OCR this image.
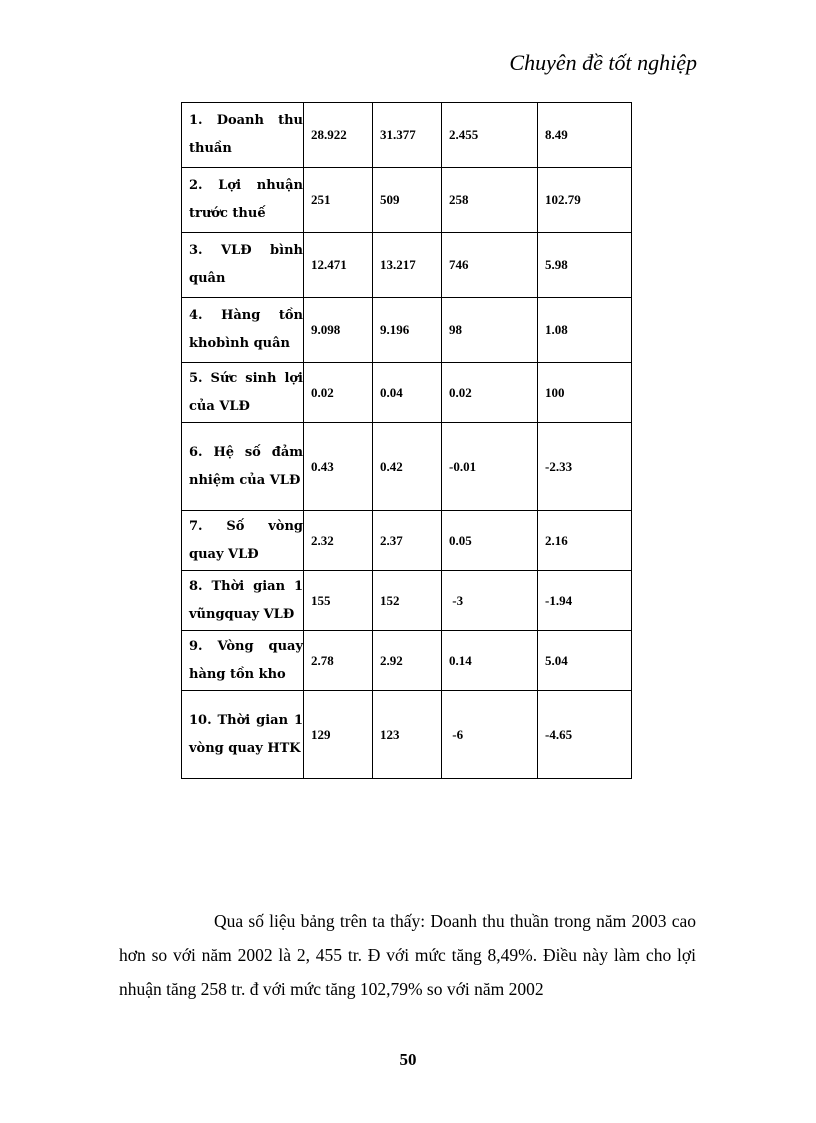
Chuyên đề tốt nghiệp
1. Doanh thu thuần	28.922	31.377	2.455	8.49
2. Lợi nhuận trước thuế	251	509	258	102.79
3. VLĐ bình quân	12.471	13.217	746	5.98
4. Hàng tồn khobình quân	9.098	9.196	98	1.08
5. Sức sinh lợi của VLĐ	0.02	0.04	0.02	100
6. Hệ số đảm nhiệm của VLĐ	0.43	0.42	-0.01	-2.33
7. Số vòng quay VLĐ	2.32	2.37	0.05	2.16
8. Thời gian 1 vũngquay VLĐ	155	152	-3	-1.94
9. Vòng quay hàng tồn kho	2.78	2.92	0.14	5.04
10. Thời gian 1 vòng quay HTK	129	123	-6	-4.65
Qua số liệu bảng trên ta thấy: Doanh thu thuần trong năm 2003 cao hơn so với năm 2002 là 2, 455 tr. Đ với mức tăng 8,49%. Điều này làm cho lợi nhuận tăng 258 tr. đ với mức tăng 102,79% so với năm 2002
50
